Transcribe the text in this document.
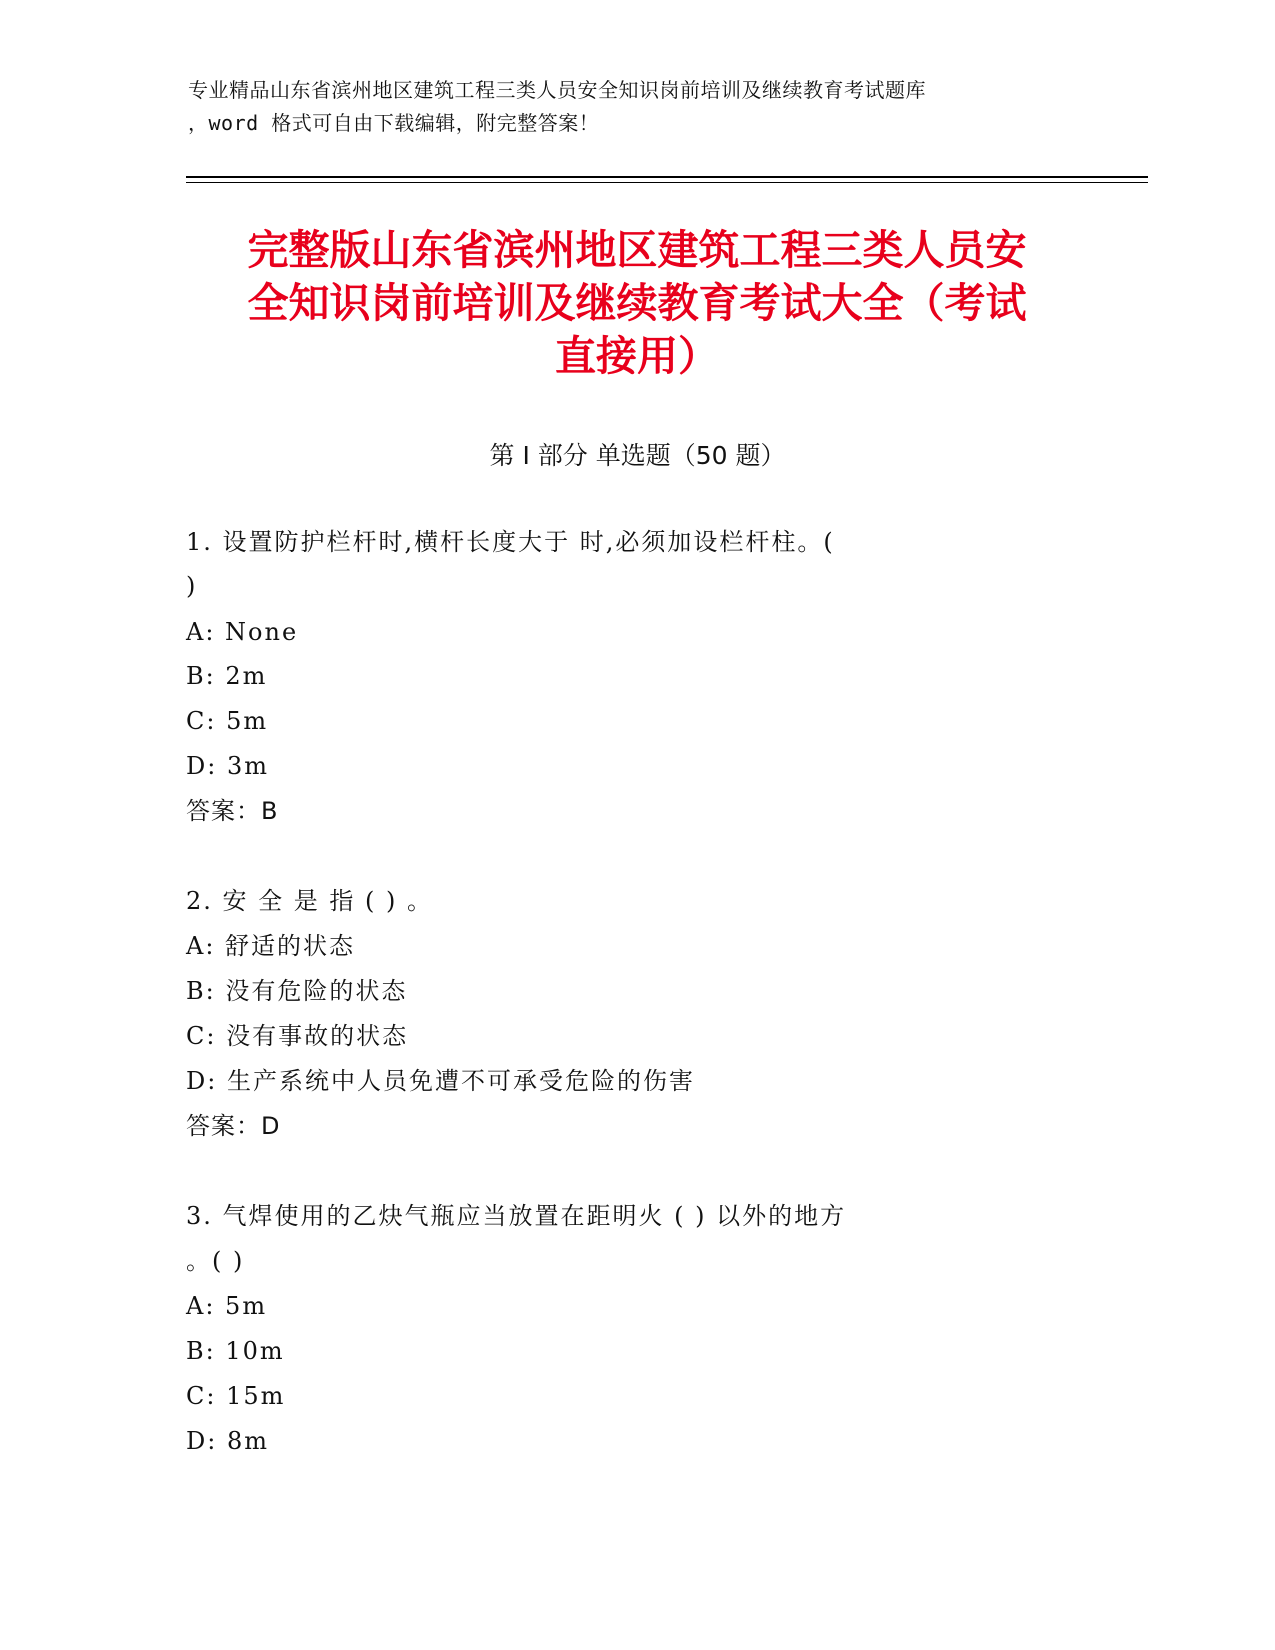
专业精品山东省滨州地区建筑工程三类人员安全知识岗前培训及继续教育考试题库
，word 格式可自由下载编辑，附完整答案！
完整版山东省滨州地区建筑工程三类人员安
全知识岗前培训及继续教育考试大全（考试
直接用）
第 I 部分 单选题（50 题）
1. 设置防护栏杆时,横杆长度大于 时,必须加设栏杆柱。(
)
A: None
B: 2m
C: 5m
D: 3m
答案：B
2. 安 全 是 指 ( ) 。
A: 舒适的状态
B: 没有危险的状态
C: 没有事故的状态
D: 生产系统中人员免遭不可承受危险的伤害
答案：D
3. 气焊使用的乙炔气瓶应当放置在距明火 ( ) 以外的地方
。( )
A: 5m
B: 10m
C: 15m
D: 8m
